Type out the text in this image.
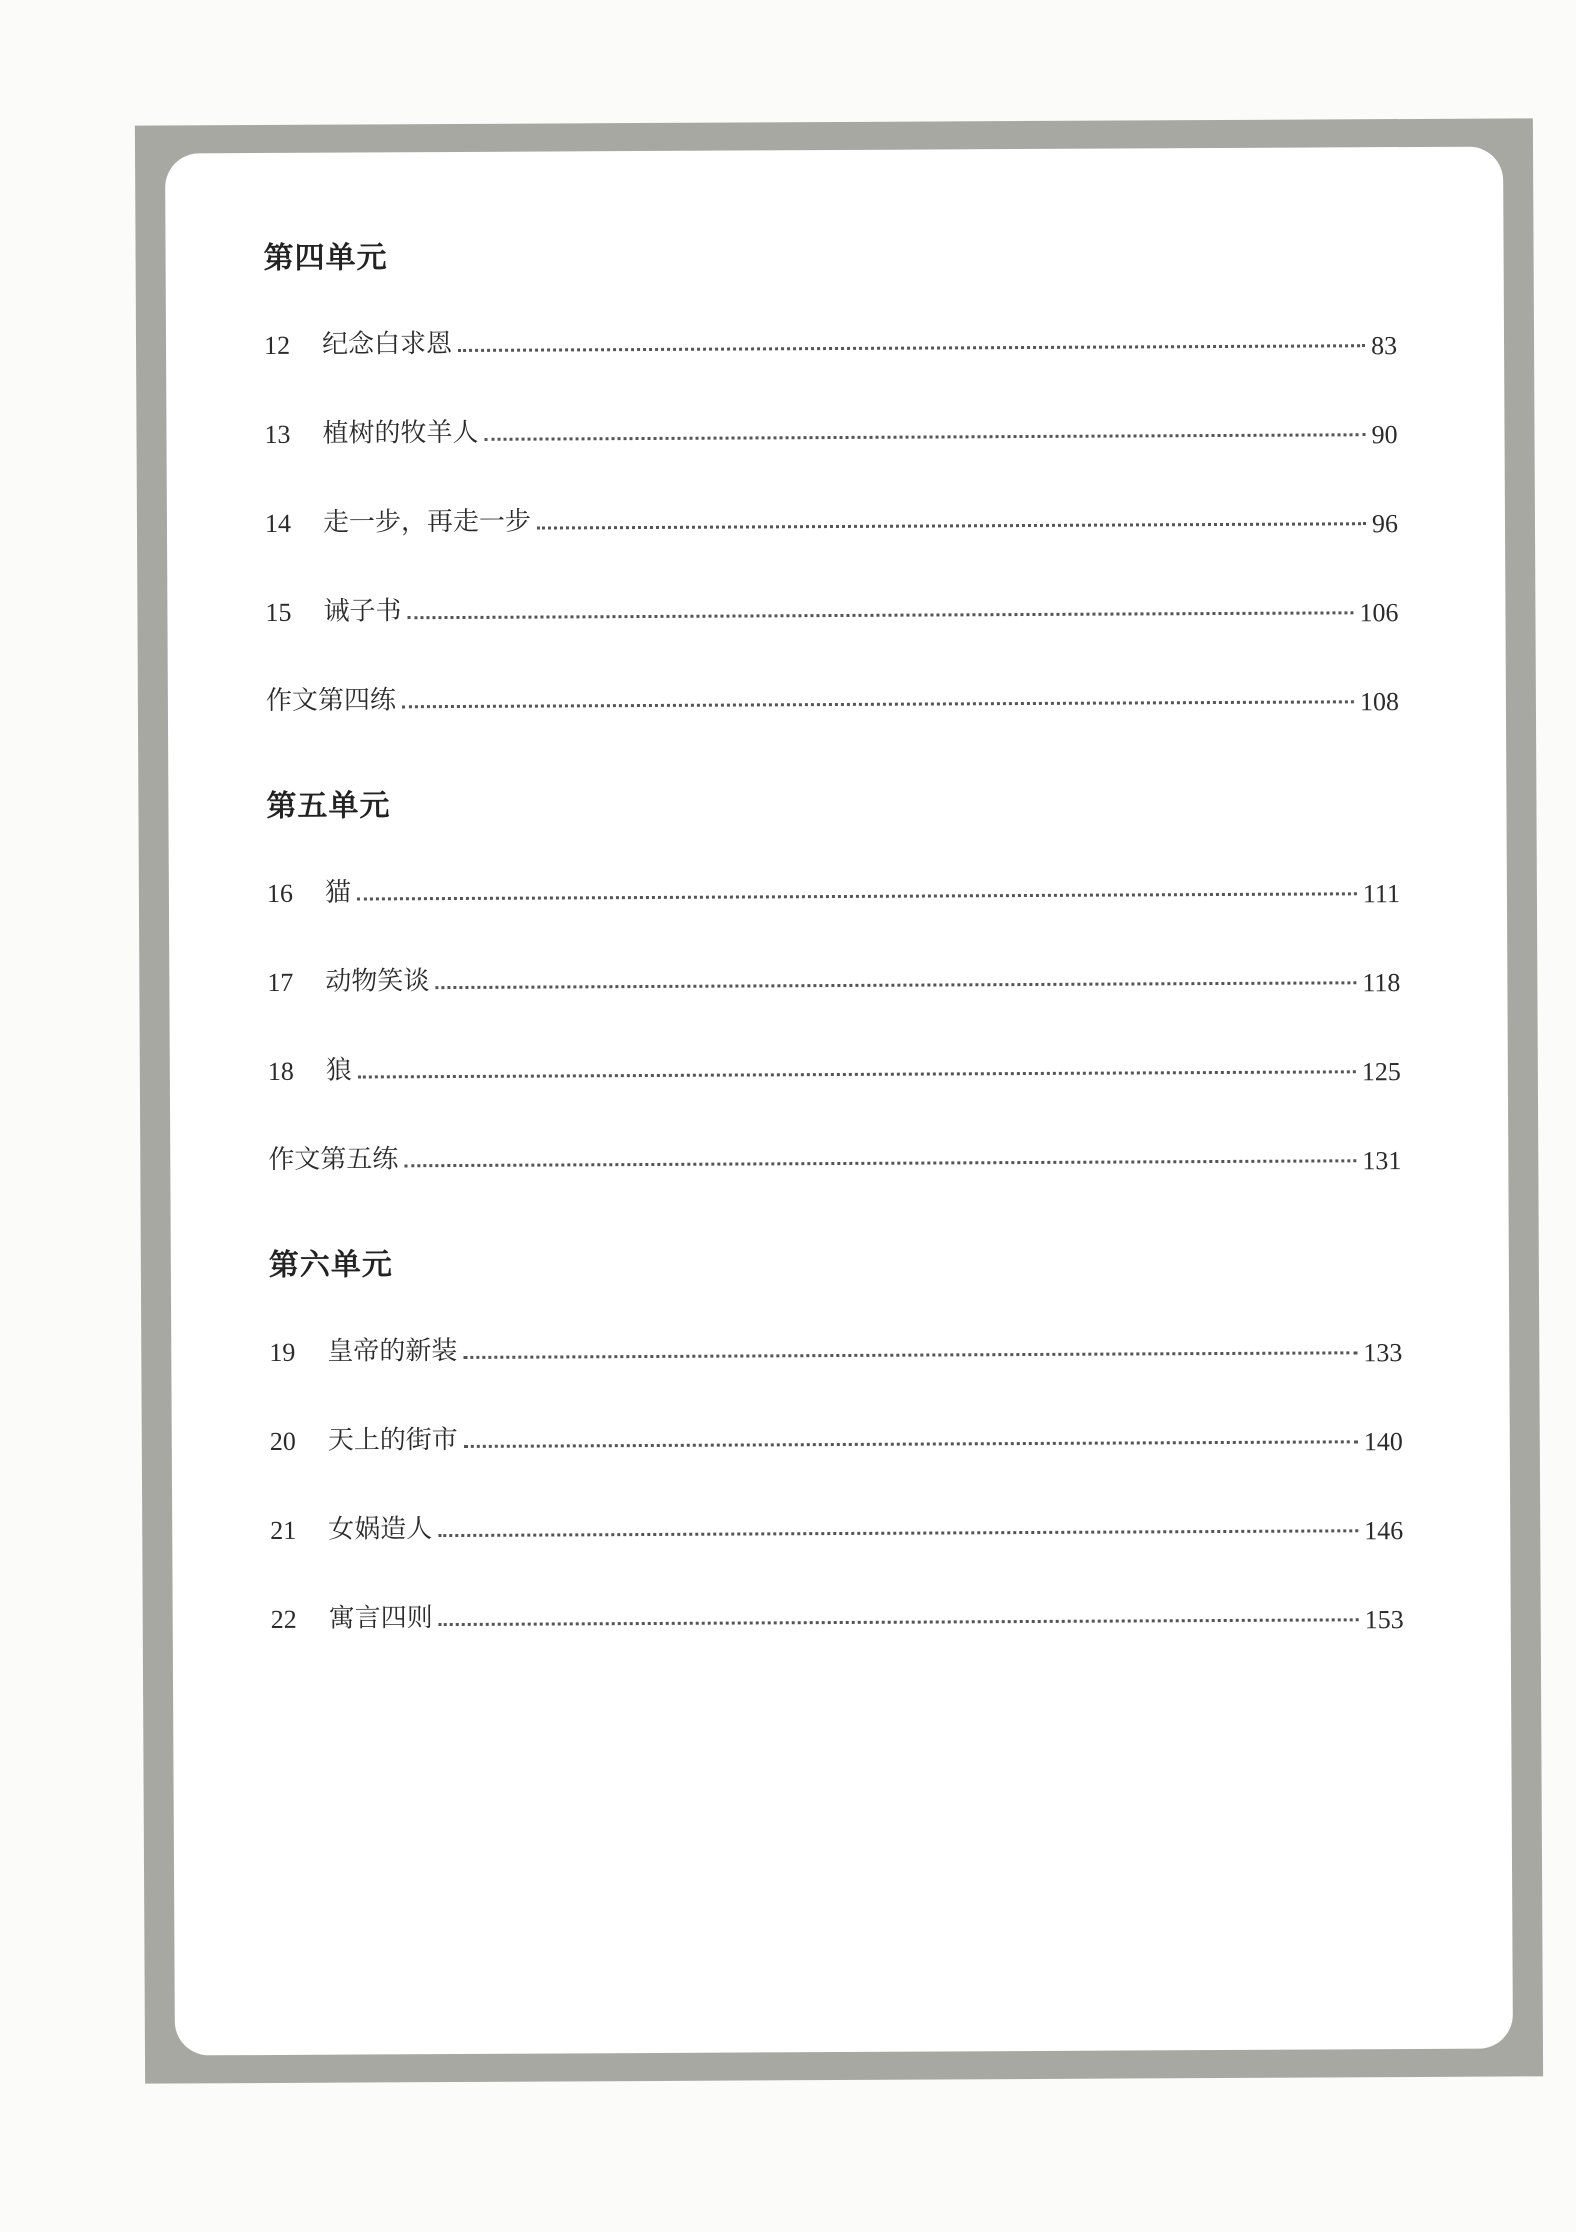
第四单元
12	纪念白求恩	83
13	植树的牧羊人	90
14	走一步，再走一步	96
15	诫子书	106
作文第四练	108
第五单元
16	猫	111
17	动物笑谈	118
18	狼	125
作文第五练	131
第六单元
19	皇帝的新装	133
20	天上的街市	140
21	女娲造人	146
22	寓言四则	153
